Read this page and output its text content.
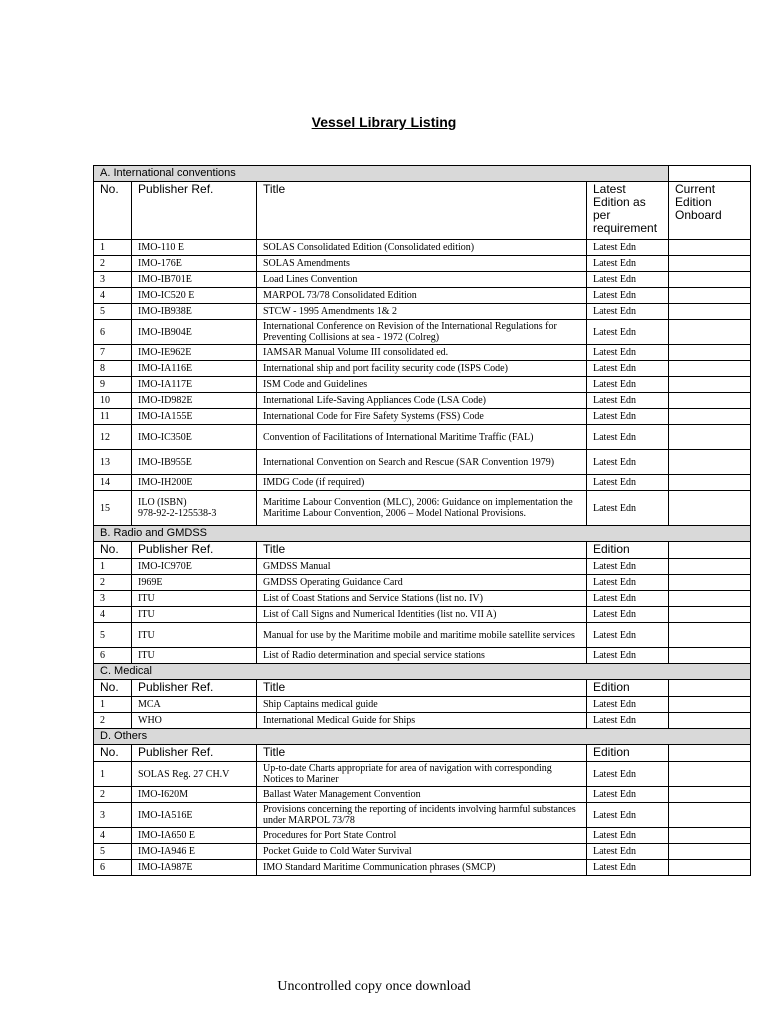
Vessel Library Listing
A. International conventions				
No.	Publisher Ref.	Title	Latest Edition as per requirement	Current Edition Onboard
1	IMO-110 E	SOLAS Consolidated Edition (Consolidated edition)	Latest Edn	
2	IMO-176E	SOLAS Amendments	Latest Edn	
3	IMO-IB701E	Load Lines Convention	Latest Edn	
4	IMO-IC520 E	MARPOL 73/78 Consolidated Edition	Latest Edn	
5	IMO-IB938E	STCW - 1995 Amendments 1& 2	Latest Edn	
6	IMO-IB904E	International Conference on Revision of the International Regulations for Preventing Collisions at sea - 1972 (Colreg)	Latest Edn	
7	IMO-IE962E	IAMSAR Manual Volume III consolidated ed.	Latest Edn	
8	IMO-IA116E	International ship and port facility security code (ISPS Code)	Latest Edn	
9	IMO-IA117E	ISM Code and Guidelines	Latest Edn	
10	IMO-ID982E	International Life-Saving Appliances Code (LSA Code)	Latest Edn	
11	IMO-IA155E	International Code for Fire Safety Systems (FSS) Code	Latest Edn	
12	IMO-IC350E	Convention of Facilitations of International Maritime Traffic (FAL)	Latest Edn	
13	IMO-IB955E	International Convention on Search and Rescue (SAR Convention 1979)	Latest Edn	
14	IMO-IH200E	IMDG Code (if required)	Latest Edn	
15	ILO (ISBN)
978-92-2-125538-3	Maritime Labour Convention (MLC), 2006: Guidance on implementation the Maritime Labour Convention, 2006 – Model National Provisions.	Latest Edn	
B. Radio and GMDSS				
No.	Publisher Ref.	Title	Edition	
1	IMO-IC970E	GMDSS Manual	Latest Edn	
2	I969E	GMDSS Operating Guidance Card	Latest Edn	
3	ITU	List of Coast Stations and Service Stations (list no. IV)	Latest Edn	
4	ITU	List of Call Signs and Numerical Identities (list no. VII A)	Latest Edn	
5	ITU	Manual for use by the Maritime mobile and maritime mobile satellite services	Latest Edn	
6	ITU	List of Radio determination and special service stations	Latest Edn	
C. Medical				
No.	Publisher Ref.	Title	Edition	
1	MCA	Ship Captains medical guide	Latest Edn	
2	WHO	International Medical Guide for Ships	Latest Edn	
D. Others				
No.	Publisher Ref.	Title	Edition	
1	SOLAS Reg. 27 CH.V	Up-to-date Charts appropriate for area of navigation with corresponding Notices to Mariner	Latest Edn	
2	IMO-I620M	Ballast Water Management Convention	Latest Edn	
3	IMO-IA516E	Provisions concerning the reporting of incidents involving harmful substances under MARPOL 73/78	Latest Edn	
4	IMO-IA650 E	Procedures for Port State Control	Latest Edn	
5	IMO-IA946 E	Pocket Guide to Cold Water Survival	Latest Edn	
6	IMO-IA987E	IMO Standard Maritime Communication phrases (SMCP)	Latest Edn	
Uncontrolled copy once download
